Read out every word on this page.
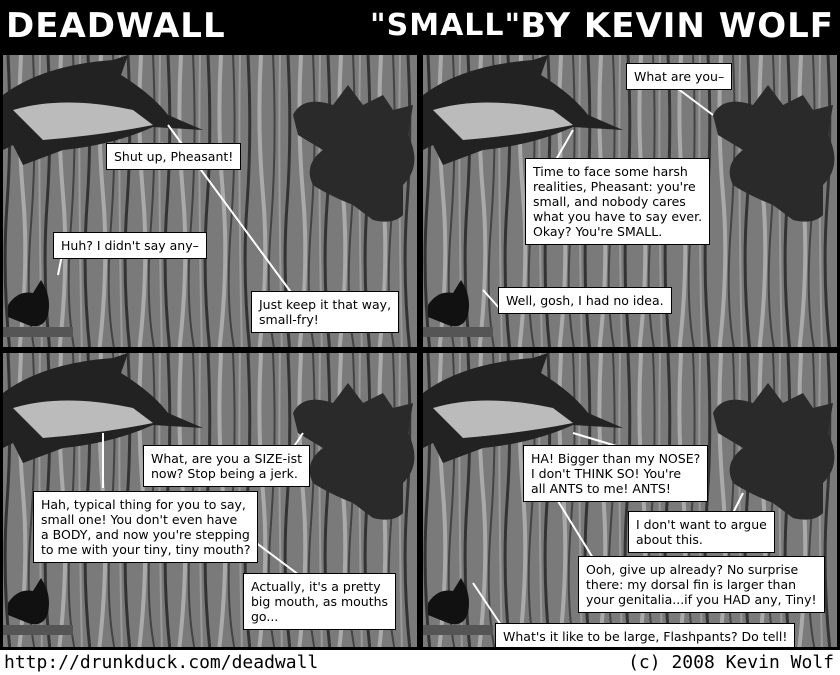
DEADWALL	"SMALL" BY KEVIN WOLF
Shut up, Pheasant!
Huh? I didn't say any–
Just keep it that way,
small-fry!
What are you–
Time to face some harsh
realities, Pheasant: you're
small, and nobody cares
what you have to say ever.
Okay? You're SMALL.
Well, gosh, I had no idea.
What, are you a SIZE-ist
now? Stop being a jerk.
Hah, typical thing for you to say,
small one! You don't even have
a BODY, and now you're stepping
to me with your tiny, tiny mouth?
Actually, it's a pretty
big mouth, as mouths
go...
HA! Bigger than my NOSE?
I don't THINK SO! You're
all ANTS to me! ANTS!
I don't want to argue
about this.
Ooh, give up already? No surprise
there: my dorsal fin is larger than
your genitalia...if you HAD any, Tiny!
What's it like to be large, Flashpants? Do tell!
http://drunkduck.com/deadwall	(c) 2008 Kevin Wolf
